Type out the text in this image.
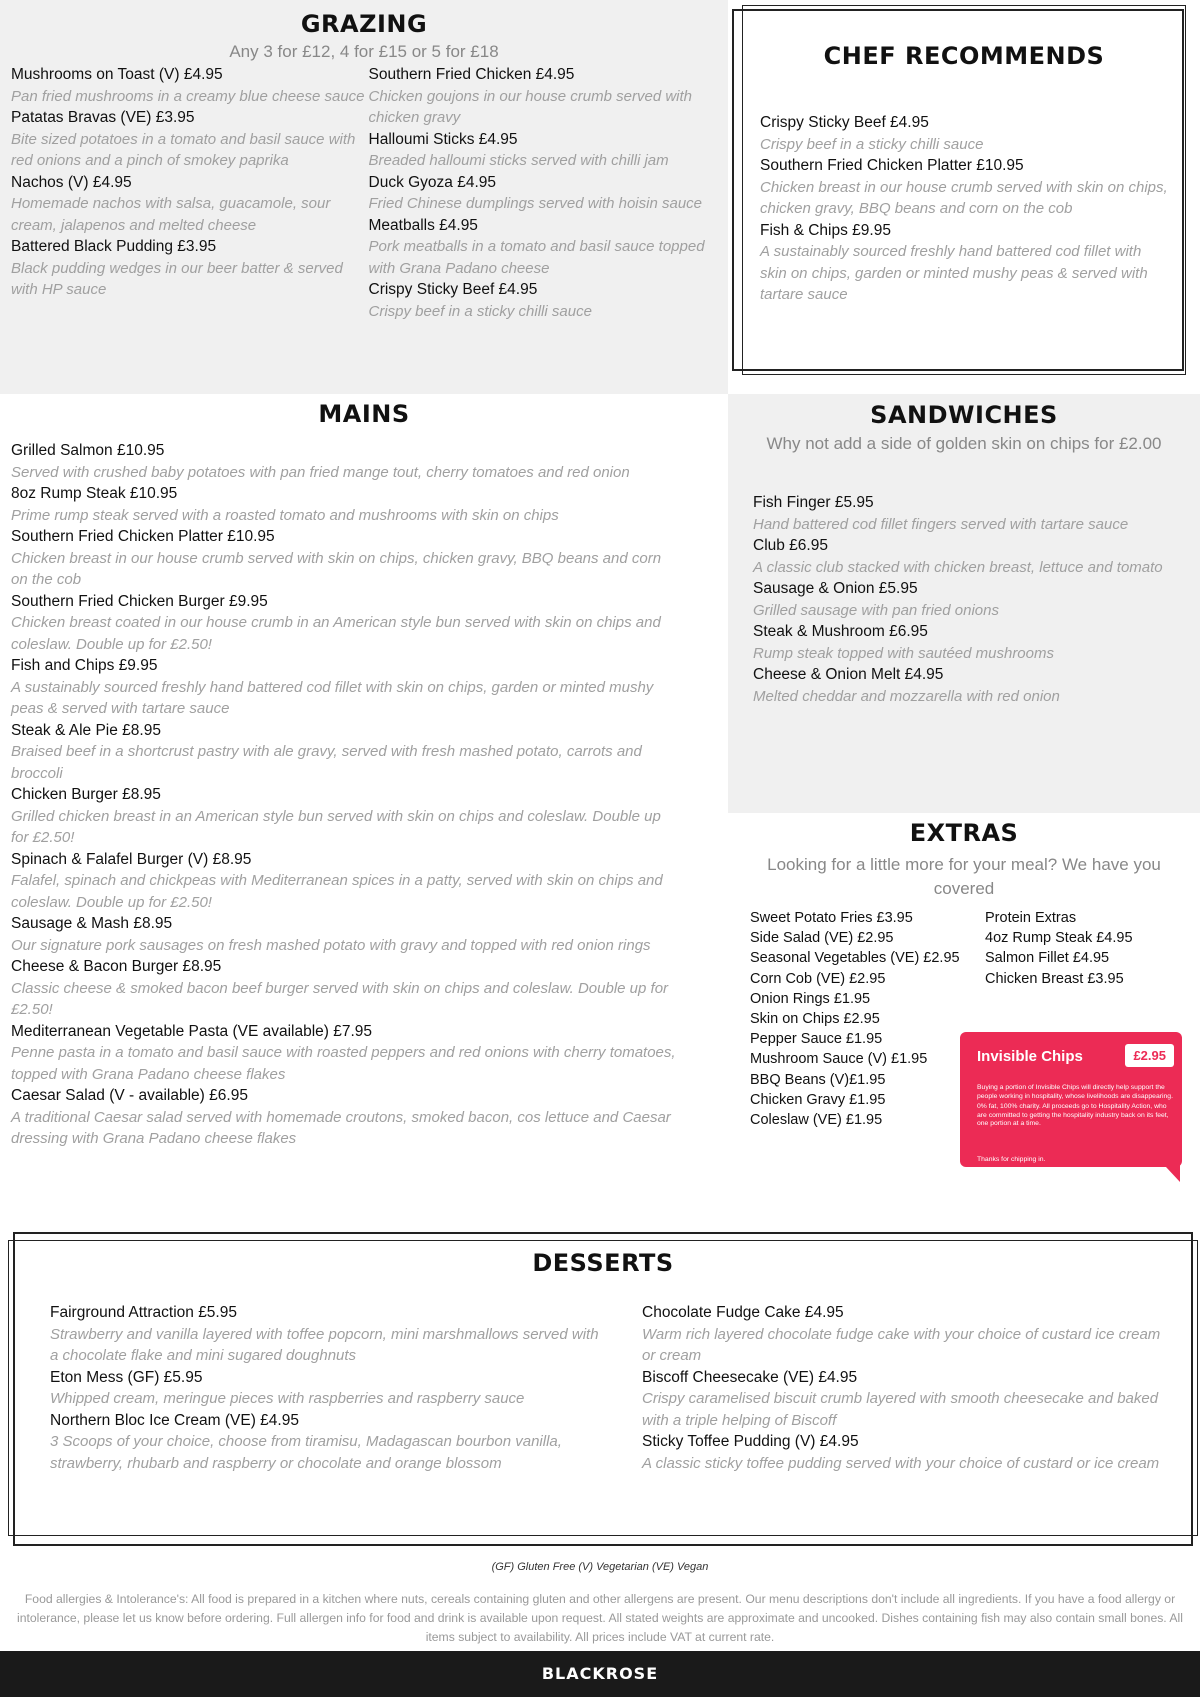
GRAZING
Any 3 for £12, 4 for £15 or 5 for £18
Mushrooms on Toast (V) £4.95
Pan fried mushrooms in a creamy blue cheese sauce
Patatas Bravas (VE) £3.95
Bite sized potatoes in a tomato and basil sauce with red onions and a pinch of smokey paprika
Nachos (V) £4.95
Homemade nachos with salsa, guacamole, sour cream, jalapenos and melted cheese
Battered Black Pudding £3.95
Black pudding wedges in our beer batter & served with HP sauce
Southern Fried Chicken £4.95
Chicken goujons in our house crumb served with chicken gravy
Halloumi Sticks £4.95
Breaded halloumi sticks served with chilli jam
Duck Gyoza £4.95
Fried Chinese dumplings served with hoisin sauce
Meatballs £4.95
Pork meatballs in a tomato and basil sauce topped with Grana Padano cheese
Crispy Sticky Beef £4.95
Crispy beef in a sticky chilli sauce
CHEF RECOMMENDS
Crispy Sticky Beef £4.95
Crispy beef in a sticky chilli sauce
Southern Fried Chicken Platter £10.95
Chicken breast in our house crumb served with skin on chips, chicken gravy, BBQ beans and corn on the cob
Fish & Chips £9.95
A sustainably sourced freshly hand battered cod fillet with skin on chips, garden or minted mushy peas & served with tartare sauce
MAINS
Grilled Salmon £10.95
Served with crushed baby potatoes with pan fried mange tout, cherry tomatoes and red onion
8oz Rump Steak £10.95
Prime rump steak served with a roasted tomato and mushrooms with skin on chips
Southern Fried Chicken Platter £10.95
Chicken breast in our house crumb served with skin on chips, chicken gravy, BBQ beans and corn on the cob
Southern Fried Chicken Burger £9.95
Chicken breast coated in our house crumb in an American style bun served with skin on chips and coleslaw. Double up for £2.50!
Fish and Chips £9.95
A sustainably sourced freshly hand battered cod fillet with skin on chips, garden or minted mushy peas & served with tartare sauce
Steak & Ale Pie £8.95
Braised beef in a shortcrust pastry with ale gravy, served with fresh mashed potato, carrots and broccoli
Chicken Burger £8.95
Grilled chicken breast in an American style bun served with skin on chips and coleslaw. Double up for £2.50!
Spinach & Falafel Burger (V) £8.95
Falafel, spinach and chickpeas with Mediterranean spices in a patty, served with skin on chips and coleslaw. Double up for £2.50!
Sausage & Mash £8.95
Our signature pork sausages on fresh mashed potato with gravy and topped with red onion rings
Cheese & Bacon Burger £8.95
Classic cheese & smoked bacon beef burger served with skin on chips and coleslaw. Double up for £2.50!
Mediterranean Vegetable Pasta (VE available) £7.95
Penne pasta in a tomato and basil sauce with roasted peppers and red onions with cherry tomatoes, topped with Grana Padano cheese flakes
Caesar Salad (V - available) £6.95
A traditional Caesar salad served with homemade croutons, smoked bacon, cos lettuce and Caesar dressing with Grana Padano cheese flakes
SANDWICHES
Why not add a side of golden skin on chips for £2.00
Fish Finger £5.95
Hand battered cod fillet fingers served with tartare sauce
Club £6.95
A classic club stacked with chicken breast, lettuce and tomato
Sausage & Onion £5.95
Grilled sausage with pan fried onions
Steak & Mushroom £6.95
Rump steak topped with sautéed mushrooms
Cheese & Onion Melt £4.95
Melted cheddar and mozzarella with red onion
EXTRAS
Looking for a little more for your meal? We have you covered
Sweet Potato Fries £3.95
Side Salad (VE) £2.95
Seasonal Vegetables (VE) £2.95
Corn Cob (VE) £2.95
Onion Rings £1.95
Skin on Chips £2.95
Pepper Sauce £1.95
Mushroom Sauce (V) £1.95
BBQ Beans (V)£1.95
Chicken Gravy £1.95
Coleslaw (VE) £1.95
Protein Extras
4oz Rump Steak £4.95
Salmon Fillet £4.95
Chicken Breast £3.95
Invisible Chips	£2.95

Buying a portion of Invisible Chips will directly help support the people working in hospitality, whose livelihoods are disappearing.

0% fat, 100% charity. All proceeds go to Hospitality Action, who are committed to getting the hospitality industry back on its feet, one portion at a time.

Thanks for chipping in.
DESSERTS
Fairground Attraction £5.95
Strawberry and vanilla layered with toffee popcorn, mini marshmallows served with a chocolate flake and mini sugared doughnuts
Eton Mess (GF) £5.95
Whipped cream, meringue pieces with raspberries and raspberry sauce
Northern Bloc Ice Cream (VE) £4.95
3 Scoops of your choice, choose from tiramisu, Madagascan bourbon vanilla, strawberry, rhubarb and raspberry or chocolate and orange blossom
Chocolate Fudge Cake £4.95
Warm rich layered chocolate fudge cake with your choice of custard ice cream or cream
Biscoff Cheesecake (VE) £4.95
Crispy caramelised biscuit crumb layered with smooth cheesecake and baked with a triple helping of Biscoff
Sticky Toffee Pudding (V) £4.95
A classic sticky toffee pudding served with your choice of custard or ice cream
(GF) Gluten Free (V) Vegetarian (VE) Vegan
Food allergies & Intolerance's: All food is prepared in a kitchen where nuts, cereals containing gluten and other allergens are present. Our menu descriptions don't include all ingredients. If you have a food allergy or intolerance, please let us know before ordering. Full allergen info for food and drink is available upon request. All stated weights are approximate and uncooked. Dishes containing fish may also contain small bones. All items subject to availability. All prices include VAT at current rate.
BLACKROSE
